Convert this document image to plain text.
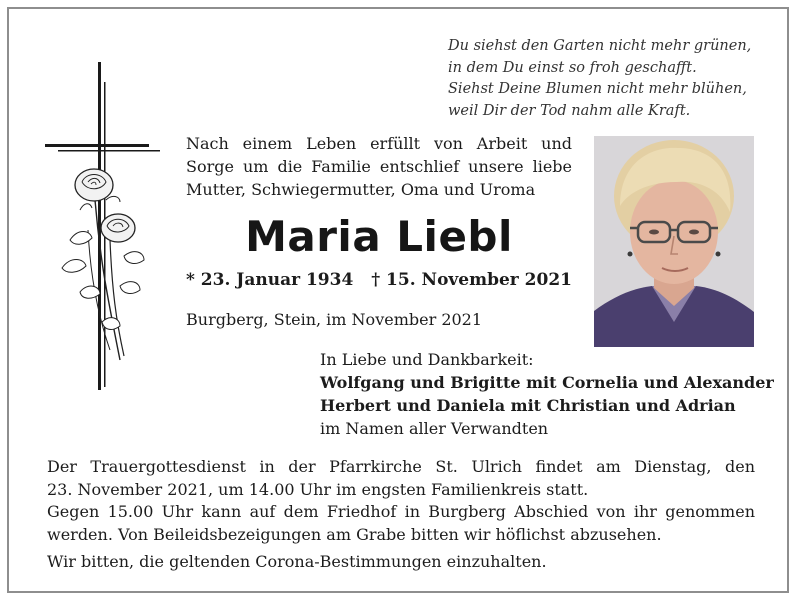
Du siehst den Garten nicht mehr grünen,
in dem Du einst so froh geschafft.
Siehst Deine Blumen nicht mehr blühen,
weil Dir der Tod nahm alle Kraft.
Nach einem Leben erfüllt von Arbeit und
Sorge um die Familie entschlief unsere liebe
Mutter, Schwiegermutter, Oma und Uroma
Maria Liebl
* 23. Januar 1934 † 15. November 2021
Burgberg, Stein, im November 2021
In Liebe und Dankbarkeit:
Wolfgang und Brigitte mit Cornelia und Alexander
Herbert und Daniela mit Christian und Adrian
im Namen aller Verwandten
Der Trauergottesdienst in der Pfarrkirche St. Ulrich findet am Dienstag, den
23. November 2021, um 14.00 Uhr im engsten Familienkreis statt.
Gegen 15.00 Uhr kann auf dem Friedhof in Burgberg Abschied von ihr genommen
werden. Von Beileidsbezeigungen am Grabe bitten wir höflichst abzusehen.
Wir bitten, die geltenden Corona-Bestimmungen einzuhalten.
